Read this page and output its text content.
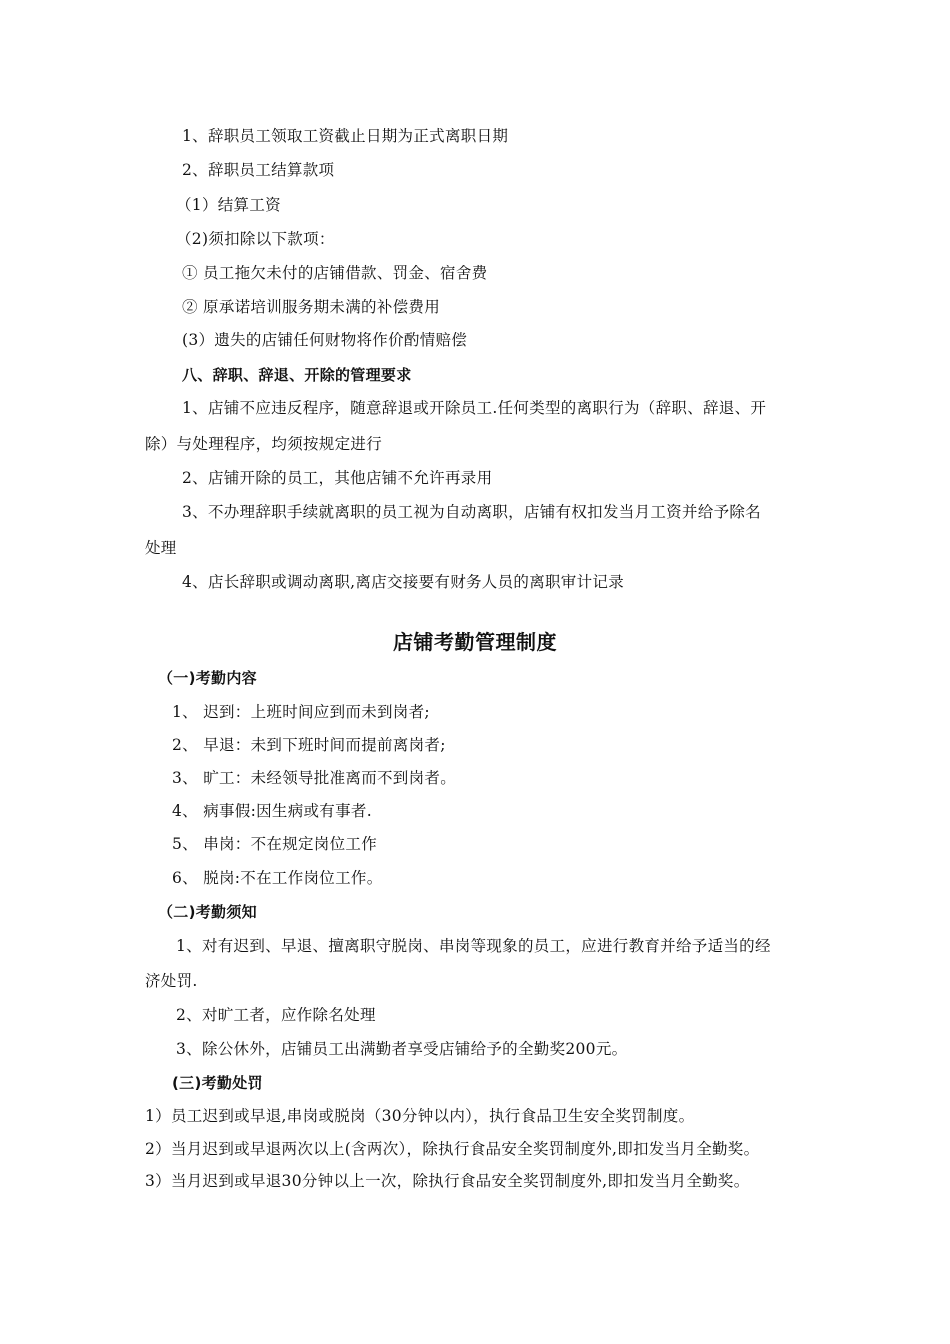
1、辞职员工领取工资截止日期为正式离职日期
2、辞职员工结算款项
（1）结算工资
（2)须扣除以下款项：
① 员工拖欠未付的店铺借款、罚金、宿舍费
② 原承诺培训服务期未满的补偿费用
(3）遗失的店铺任何财物将作价酌情赔偿
八、辞职、辞退、开除的管理要求
1、店铺不应违反程序，随意辞退或开除员工.任何类型的离职行为（辞职、辞退、开
除）与处理程序，均须按规定进行
2、店铺开除的员工，其他店铺不允许再录用
3、不办理辞职手续就离职的员工视为自动离职，店铺有权扣发当月工资并给予除名
处理
4、店长辞职或调动离职,离店交接要有财务人员的离职审计记录
店铺考勤管理制度
（一)考勤内容
1、 迟到：上班时间应到而未到岗者;
2、 早退：未到下班时间而提前离岗者;
3、 旷工：未经领导批准离而不到岗者。
4、 病事假:因生病或有事者.
5、 串岗：不在规定岗位工作
6、 脱岗:不在工作岗位工作。
（二)考勤须知
1、对有迟到、早退、擅离职守脱岗、串岗等现象的员工，应进行教育并给予适当的经
济处罚.
2、对旷工者，应作除名处理
3、除公休外，店铺员工出满勤者享受店铺给予的全勤奖200元。
(三)考勤处罚
1）员工迟到或早退,串岗或脱岗（30分钟以内），执行食品卫生安全奖罚制度。
2）当月迟到或早退两次以上(含两次），除执行食品安全奖罚制度外,即扣发当月全勤奖。
3）当月迟到或早退30分钟以上一次，除执行食品安全奖罚制度外,即扣发当月全勤奖。
